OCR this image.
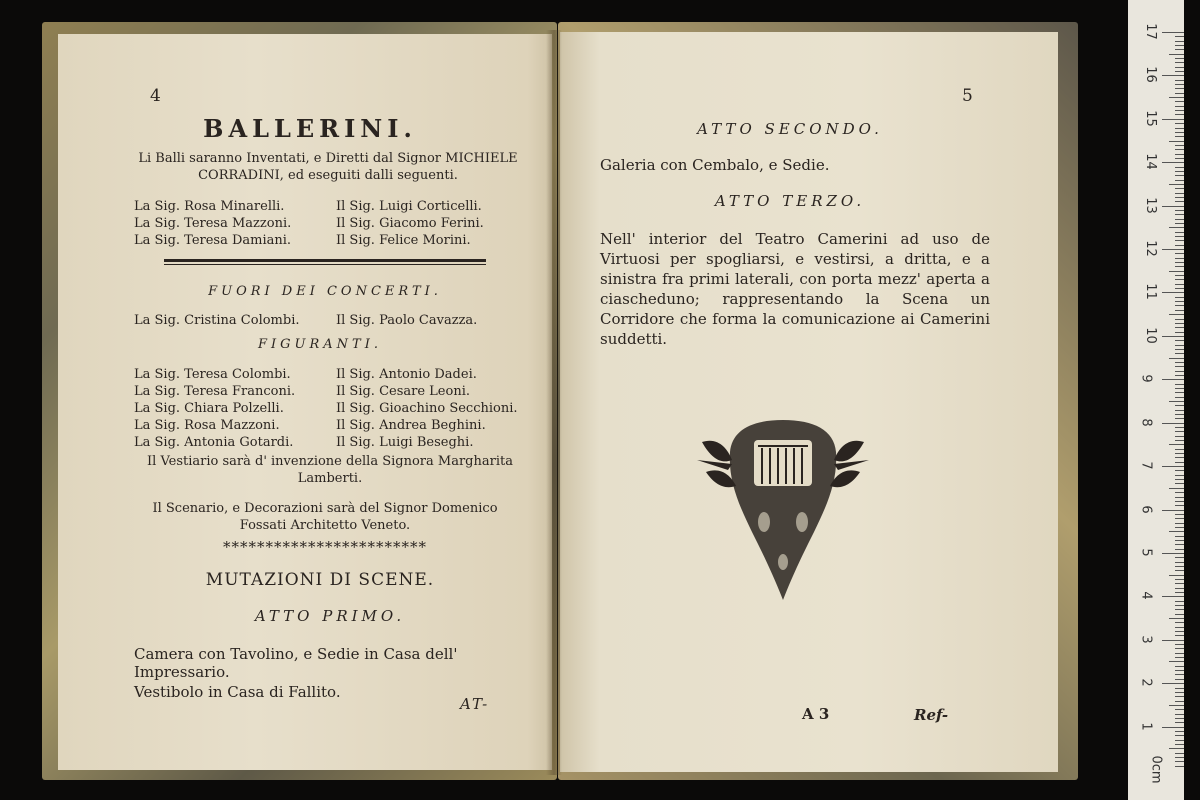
4
BALLERINI.
Li Balli saranno Inventati, e Diretti dal Signor MICHIELE CORRADINI, ed eseguiti dalli seguenti.
La Sig. Rosa Minarelli.
La Sig. Teresa Mazzoni.
La Sig. Teresa Damiani.
Il Sig. Luigi Corticelli.
Il Sig. Giacomo Ferini.
Il Sig. Felice Morini.
FUORI DEI CONCERTI.
La Sig. Cristina Colombi.	Il Sig. Paolo Cavazza.
FIGURANTI.
La Sig. Teresa Colombi.
La Sig. Teresa Franconi.
La Sig. Chiara Polzelli.
La Sig. Rosa Mazzoni.
La Sig. Antonia Gotardi.
Il Sig. Antonio Dadei.
Il Sig. Cesare Leoni.
Il Sig. Gioachino Secchioni.
Il Sig. Andrea Beghini.
Il Sig. Luigi Beseghi.
Il Vestiario sarà d' invenzione della Signora Margharita Lamberti.
Il Scenario, e Decorazioni sarà del Signor Domenico Fossati Architetto Veneto.
************************
MUTAZIONI DI SCENE.
ATTO PRIMO.
Camera con Tavolino, e Sedie in Casa dell' Impressario.
Vestibolo in Casa di Fallito.
AT-
5
ATTO SECONDO.
Galeria con Cembalo, e Sedie.
ATTO TERZO.
Nell' interior del Teatro Camerini ad uso de Virtuosi per spogliarsi, e vestirsi, a dritta, e a sinistra fra primi laterali, con porta mezz' aperta a ciascheduno; rappresentando la Scena un Corridore che forma la comunicazione ai Camerini suddetti.
A 3	Ref-
17
16
15
14
13
12
11
10
9
8
7
6
5
4
3
2
1
0cm
